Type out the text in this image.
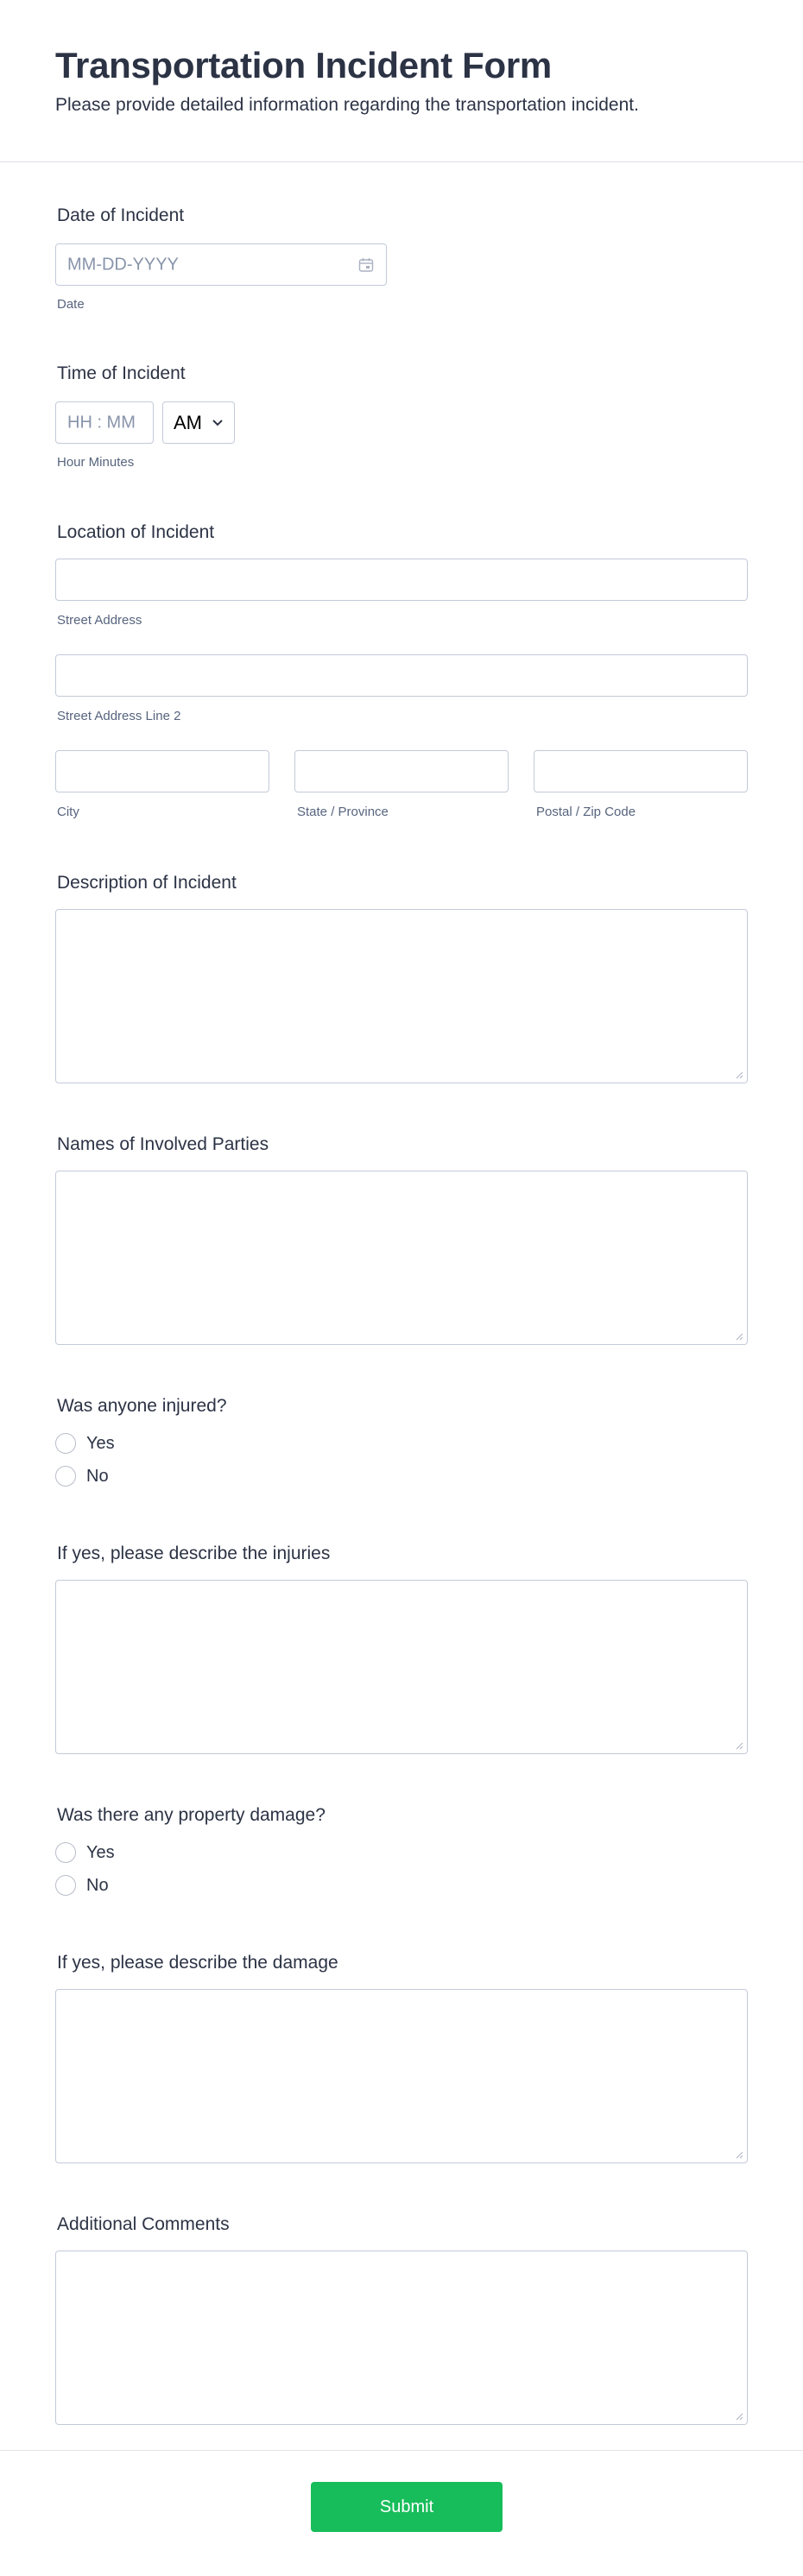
Transportation Incident Form
Please provide detailed information regarding the transportation incident.
Date of Incident
MM-DD-YYYY
Date
Time of Incident
HH : MM AM
Hour Minutes
Location of Incident
Street Address
Street Address Line 2
City	State / Province	Postal / Zip Code
Description of Incident
Names of Involved Parties
Was anyone injured?
Yes
No
If yes, please describe the injuries
Was there any property damage?
Yes
No
If yes, please describe the damage
Additional Comments
Submit
